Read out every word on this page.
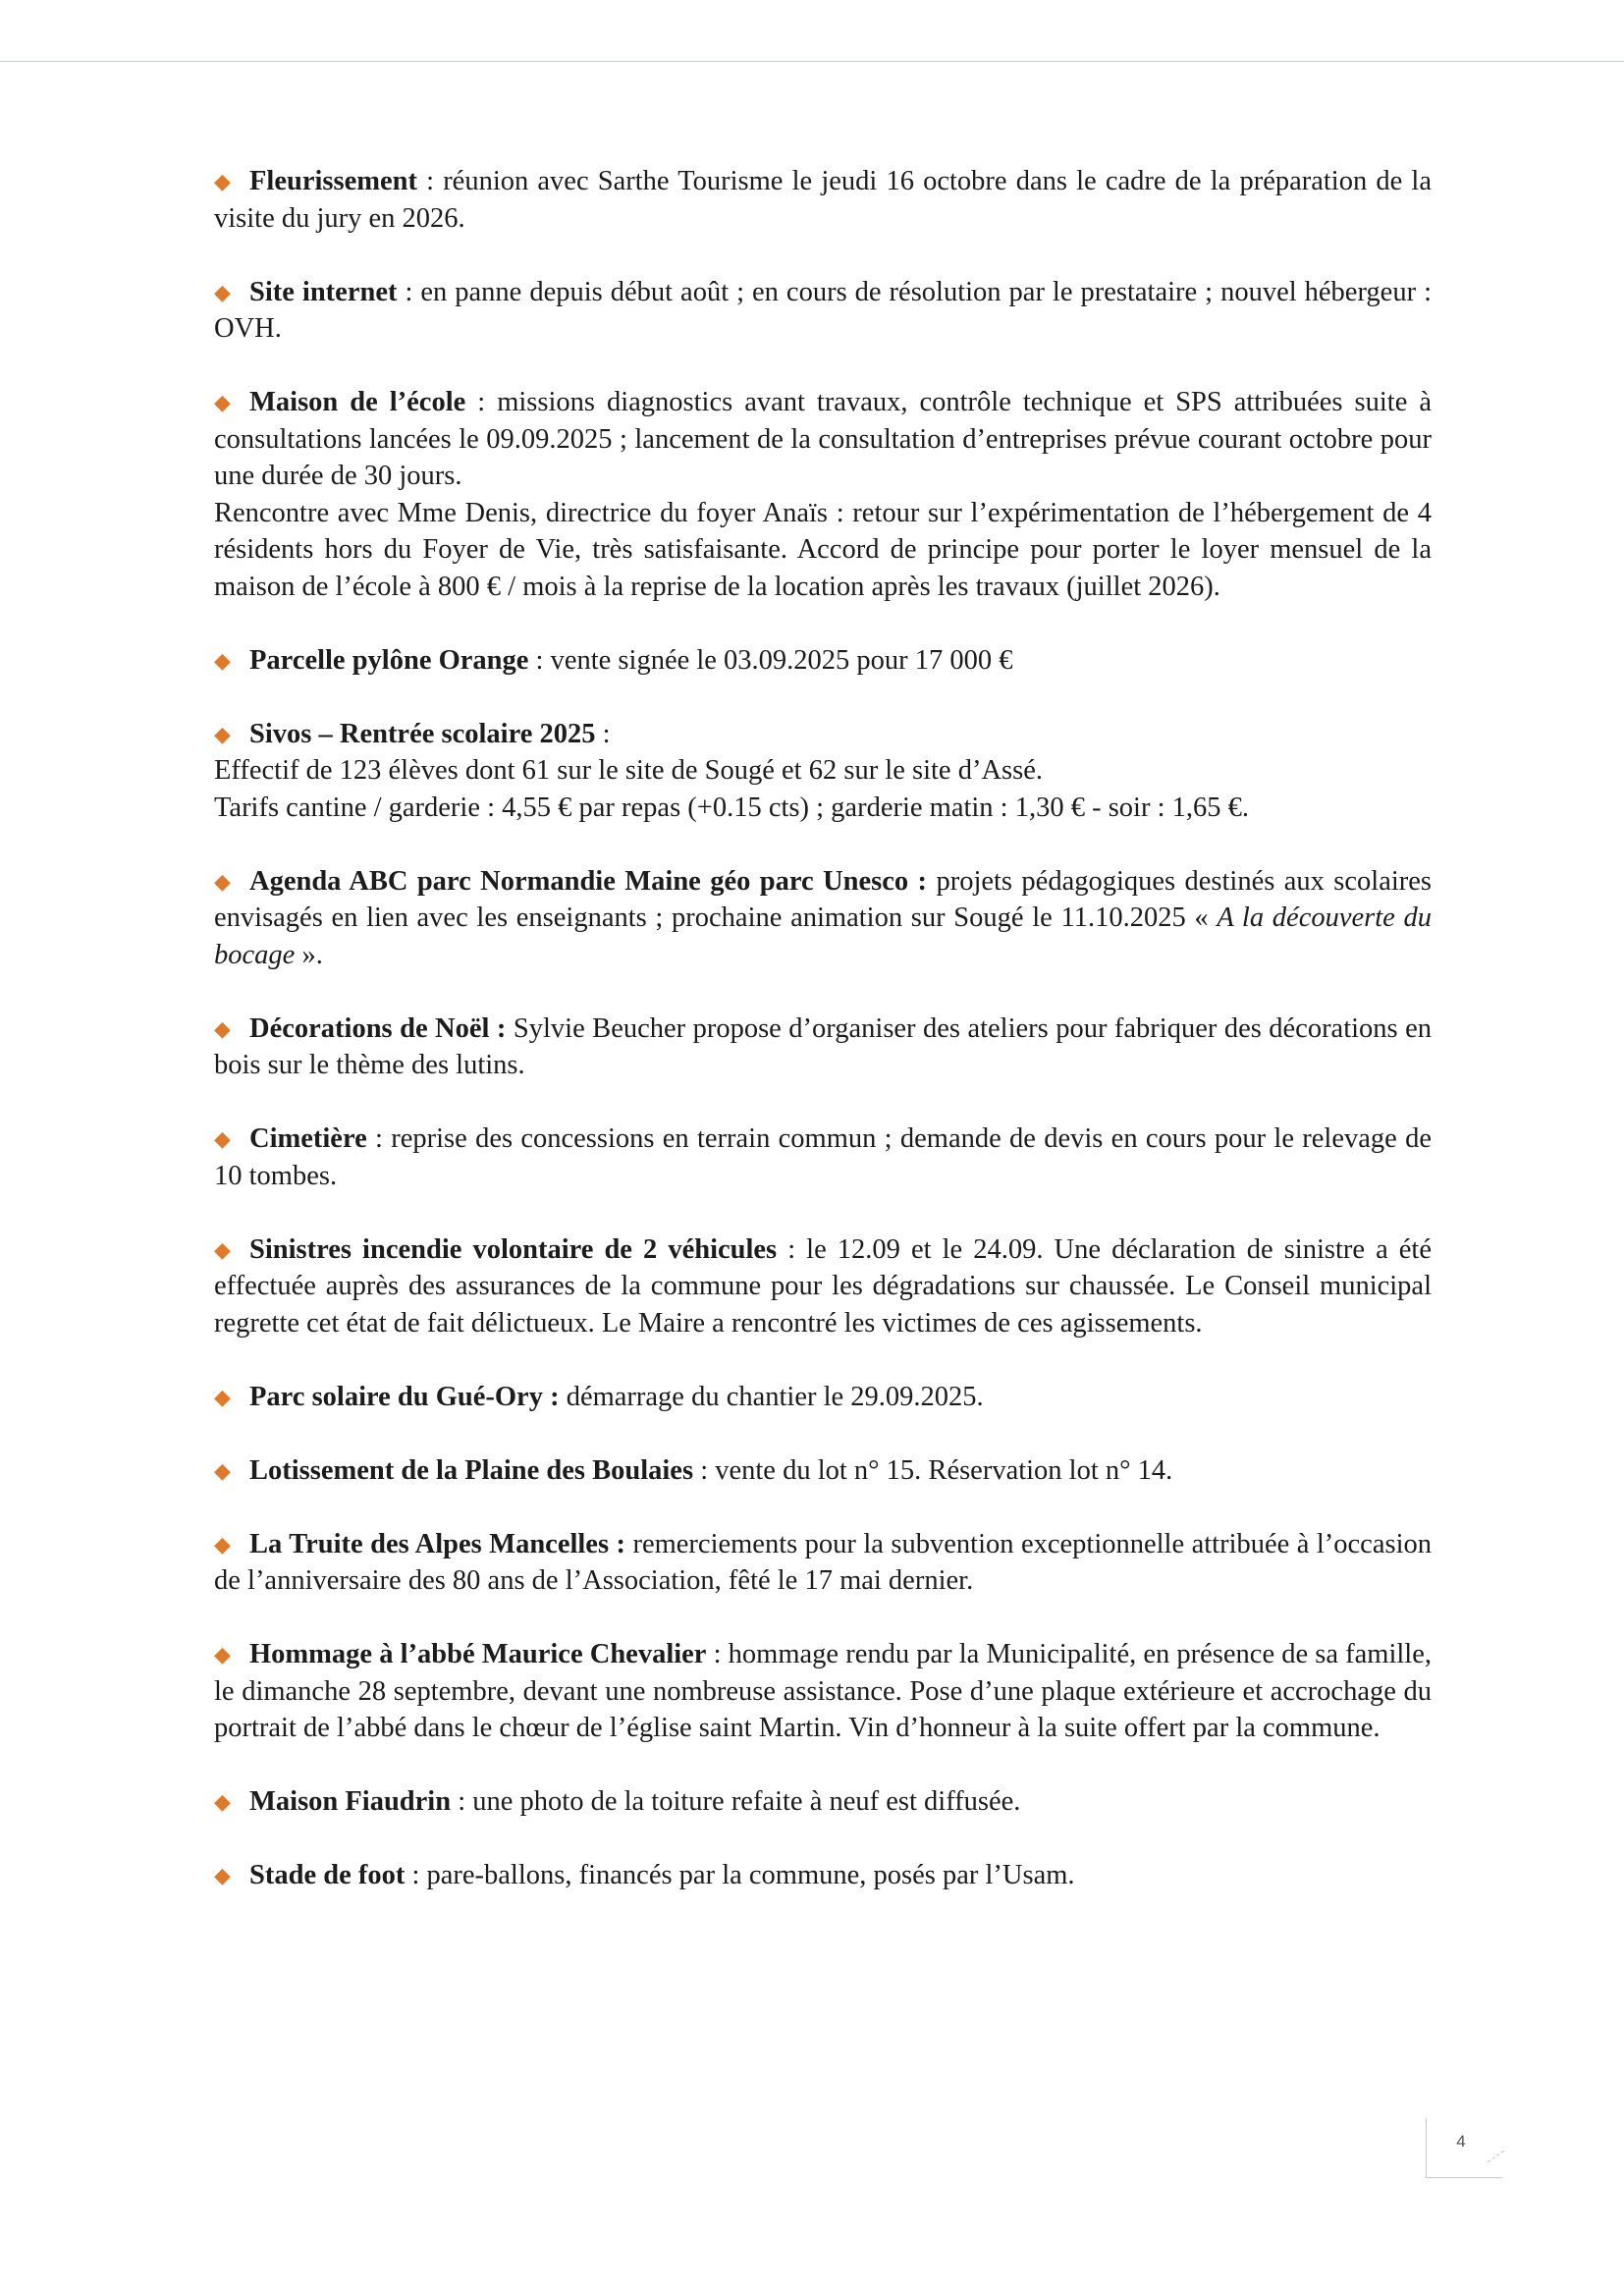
◆Fleurissement : réunion avec Sarthe Tourisme le jeudi 16 octobre dans le cadre de la préparation de la visite du jury en 2026.

◆Site internet : en panne depuis début août ; en cours de résolution par le prestataire ; nouvel hébergeur : OVH.

◆Maison de l’école : missions diagnostics avant travaux, contrôle technique et SPS attribuées suite à consultations lancées le 09.09.2025 ; lancement de la consultation d’entreprises prévue courant octobre pour une durée de 30 jours.

Rencontre avec Mme Denis, directrice du foyer Anaïs : retour sur l’expérimentation de l’hébergement de 4 résidents hors du Foyer de Vie, très satisfaisante. Accord de principe pour porter le loyer mensuel de la maison de l’école à 800 € / mois à la reprise de la location après les travaux (juillet 2026).

◆Parcelle pylône Orange : vente signée le 03.09.2025 pour 17 000 €

◆Sivos – Rentrée scolaire 2025 :

Effectif de 123 élèves dont 61 sur le site de Sougé et 62 sur le site d’Assé.

Tarifs cantine / garderie : 4,55 € par repas (+0.15 cts) ; garderie matin : 1,30 € - soir : 1,65 €.

◆Agenda ABC parc Normandie Maine géo parc Unesco : projets pédagogiques destinés aux scolaires envisagés en lien avec les enseignants ; prochaine animation sur Sougé le 11.10.2025 « A la découverte du bocage ».

◆Décorations de Noël : Sylvie Beucher propose d’organiser des ateliers pour fabriquer des décorations en bois sur le thème des lutins.

◆Cimetière : reprise des concessions en terrain commun ; demande de devis en cours pour le relevage de 10 tombes.

◆Sinistres incendie volontaire de 2 véhicules : le 12.09 et le 24.09. Une déclaration de sinistre a été effectuée auprès des assurances de la commune pour les dégradations sur chaussée. Le Conseil municipal regrette cet état de fait délictueux. Le Maire a rencontré les victimes de ces agissements.

◆Parc solaire du Gué-Ory : démarrage du chantier le 29.09.2025.

◆Lotissement de la Plaine des Boulaies : vente du lot n° 15. Réservation lot n° 14.

◆La Truite des Alpes Mancelles : remerciements pour la subvention exceptionnelle attribuée à l’occasion de l’anniversaire des 80 ans de l’Association, fêté le 17 mai dernier.

◆Hommage à l’abbé Maurice Chevalier : hommage rendu par la Municipalité, en présence de sa famille, le dimanche 28 septembre, devant une nombreuse assistance. Pose d’une plaque extérieure et accrochage du portrait de l’abbé dans le chœur de l’église saint Martin. Vin d’honneur à la suite offert par la commune.

◆Maison Fiaudrin : une photo de la toiture refaite à neuf est diffusée.

◆Stade de foot : pare-ballons, financés par la commune, posés par l’Usam.

4
